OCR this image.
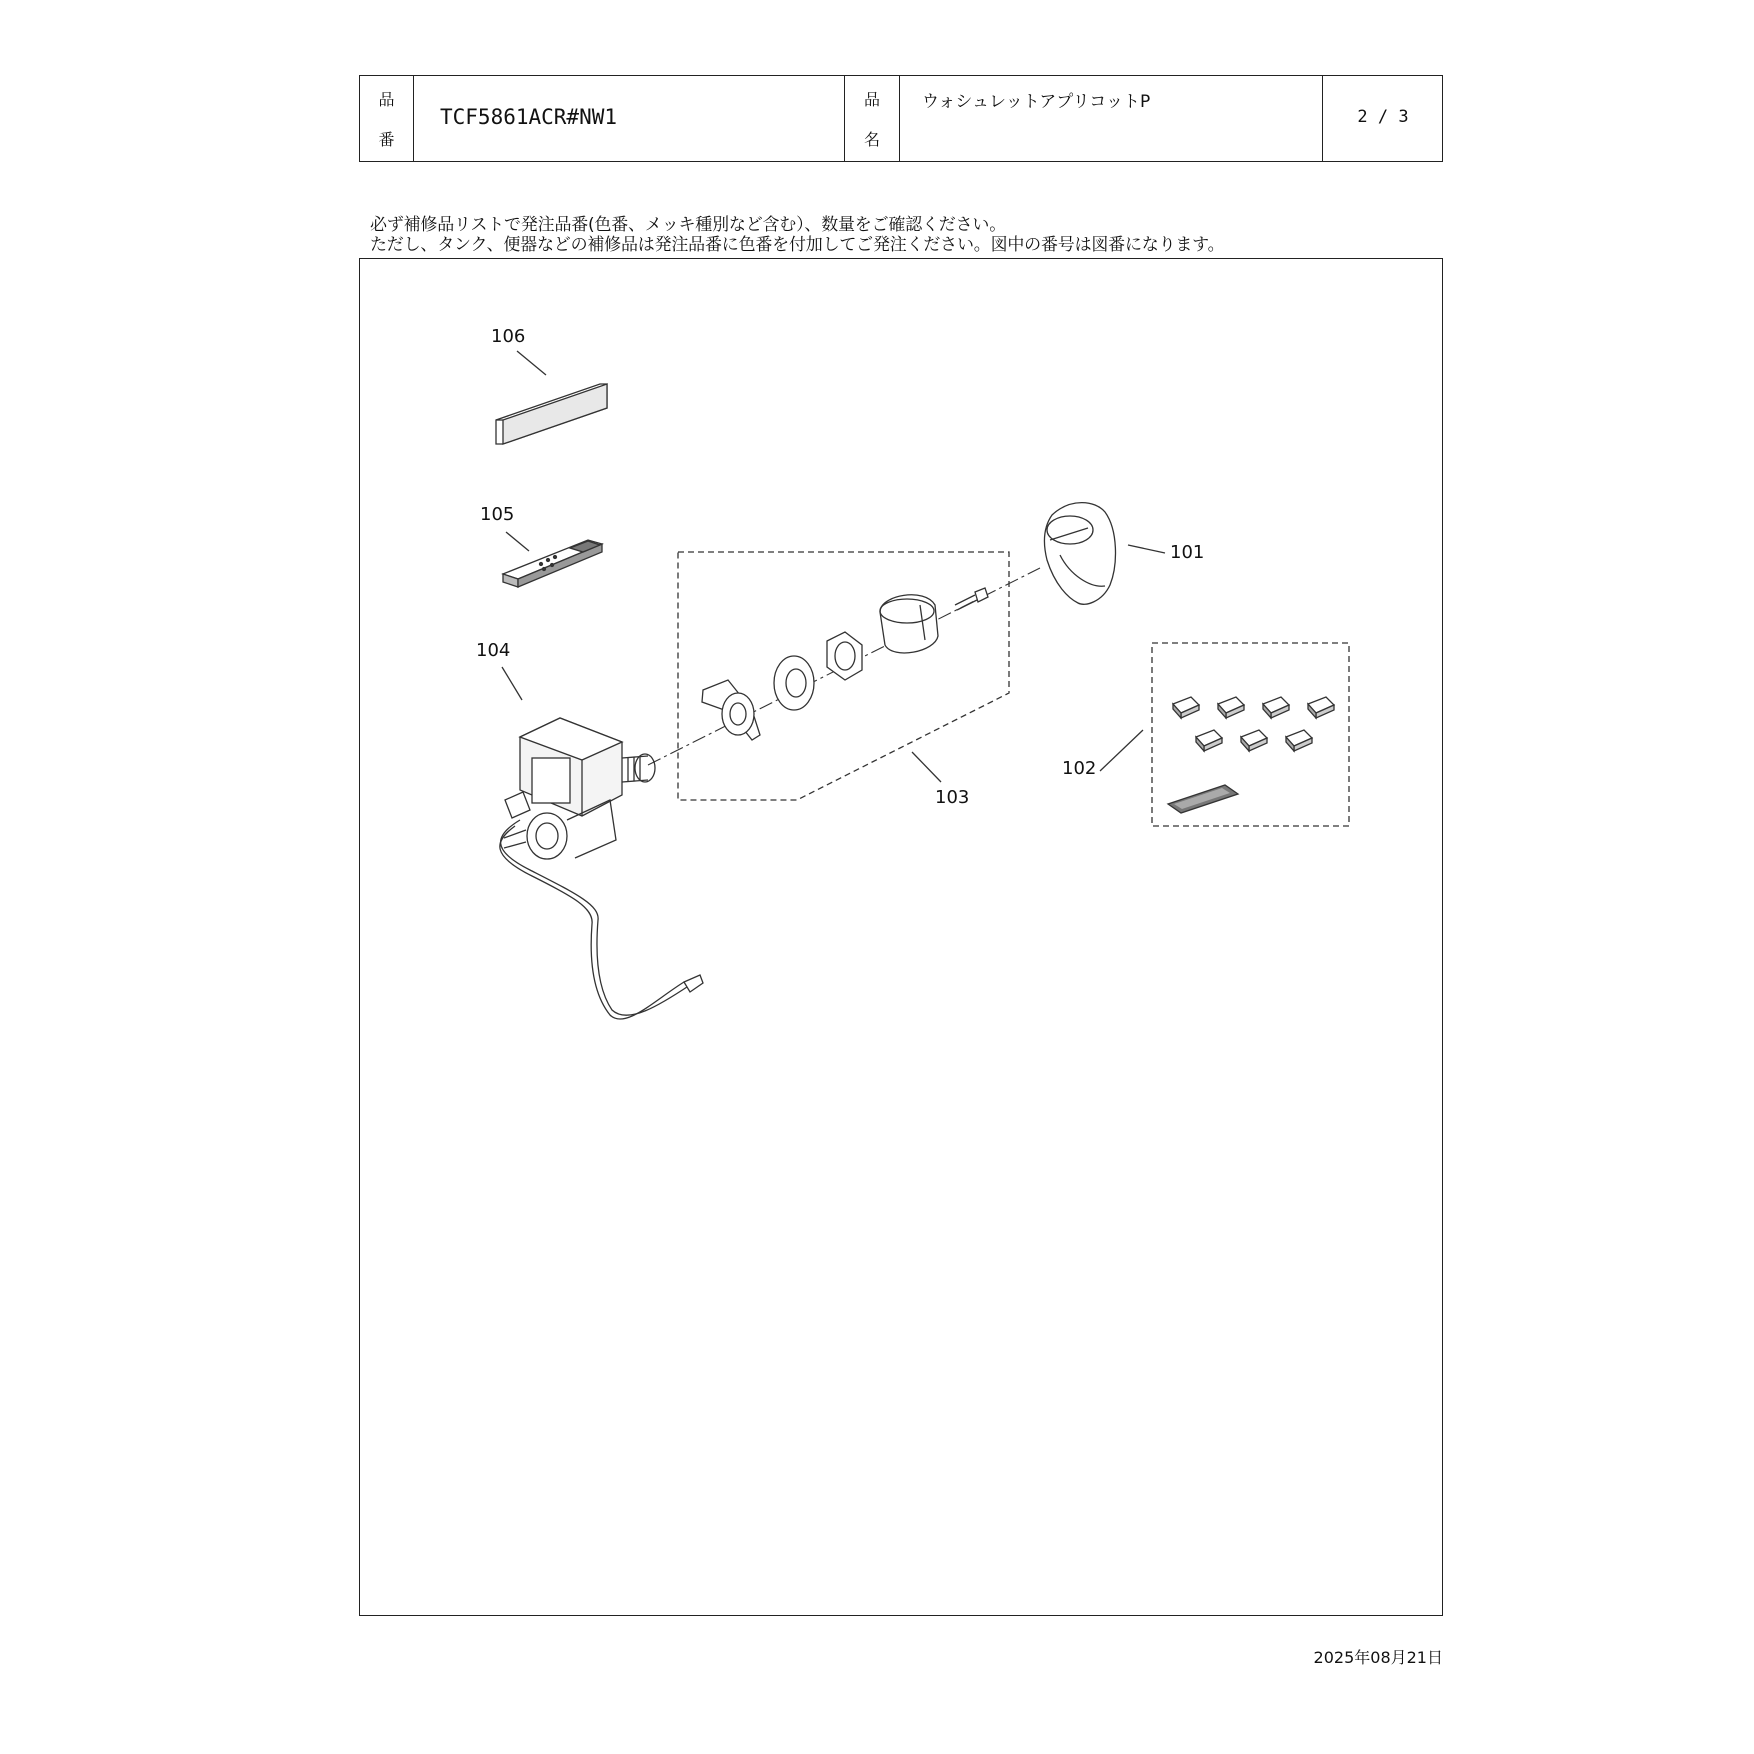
品
番
TCF5861ACR#NW1
品
名
ウォシュレットアプリコットP
2 / 3
必ず補修品リストで発注品番(色番、メッキ種別など含む）、数量をご確認ください。
ただし、タンク、便器などの補修品は発注品番に色番を付加してご発注ください。図中の番号は図番になります。
106
105
104
101
102
103
2025年08月21日
